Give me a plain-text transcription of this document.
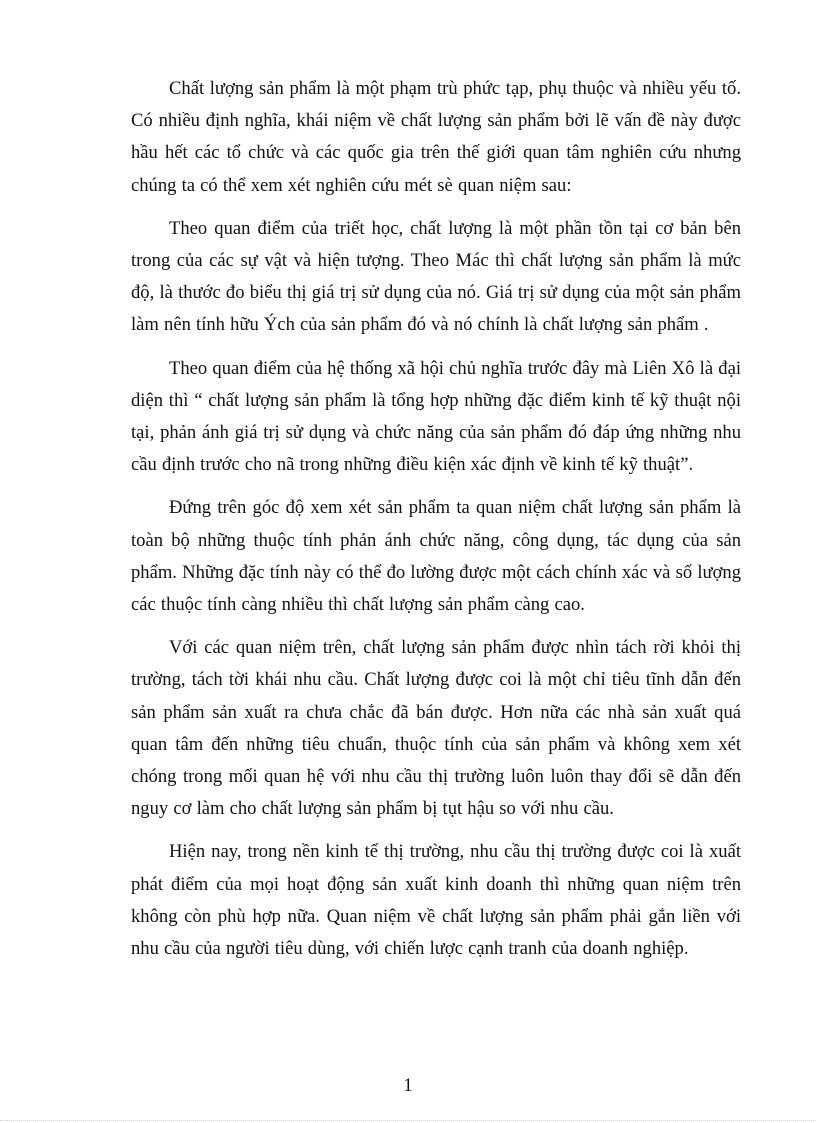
Chất lượng sản phẩm là một phạm trù phức tạp, phụ thuộc và nhiều yếu tố. Có nhiều định nghĩa, khái niệm về chất lượng sản phẩm bởi lẽ vấn đề này được hầu hết các tổ chức và các quốc gia trên thế giới quan tâm nghiên cứu nhưng chúng ta có thể xem xét nghiên cứu mét sè quan niệm sau:

Theo quan điểm của triết học, chất lượng là một phần tồn tại cơ bản bên trong của các sự vật và hiện tượng. Theo Mác thì chất lượng sản phẩm là mức độ, là thước đo biểu thị giá trị sử dụng của nó. Giá trị sử dụng của một sản phẩm làm nên tính hữu Ých của sản phẩm đó và nó chính là chất lượng sản phẩm .

Theo quan điểm của hệ thống xã hội chủ nghĩa trước đây mà Liên Xô là đại diện thì “ chất lượng sản phẩm là tổng hợp những đặc điểm kinh tế kỹ thuật nội tại, phản ánh giá trị sử dụng và chức năng của sản phẩm đó đáp ứng những nhu cầu định trước cho nã trong những điều kiện xác định về kinh tế kỹ thuật”.

Đứng trên góc độ xem xét sản phẩm ta quan niệm chất lượng sản phẩm là toàn bộ những thuộc tính phản ánh chức năng, công dụng, tác dụng của sản phẩm. Những đặc tính này có thể đo lường được một cách chính xác và số lượng các thuộc tính càng nhiều thì chất lượng sản phẩm càng cao.

Với các quan niệm trên, chất lượng sản phẩm được nhìn tách rời khỏi thị trường, tách tời khái nhu cầu. Chất lượng được coi là một chỉ tiêu tĩnh dẫn đến sản phẩm sản xuất ra chưa chắc đã bán được. Hơn nữa các nhà sản xuất quá quan tâm đến những tiêu chuẩn, thuộc tính của sản phẩm và không xem xét chóng trong mối quan hệ với nhu cầu thị trường luôn luôn thay đổi sẽ dẫn đến nguy cơ làm cho chất lượng sản phẩm bị tụt hậu so với nhu cầu.

Hiện nay, trong nền kinh tế thị trường, nhu cầu thị trường được coi là xuất phát điểm của mọi hoạt động sản xuất kinh doanh thì những quan niệm trên không còn phù hợp nữa. Quan niệm về chất lượng sản phẩm phải gắn liền với nhu cầu của người tiêu dùng, với chiến lược cạnh tranh của doanh nghiệp.

1
